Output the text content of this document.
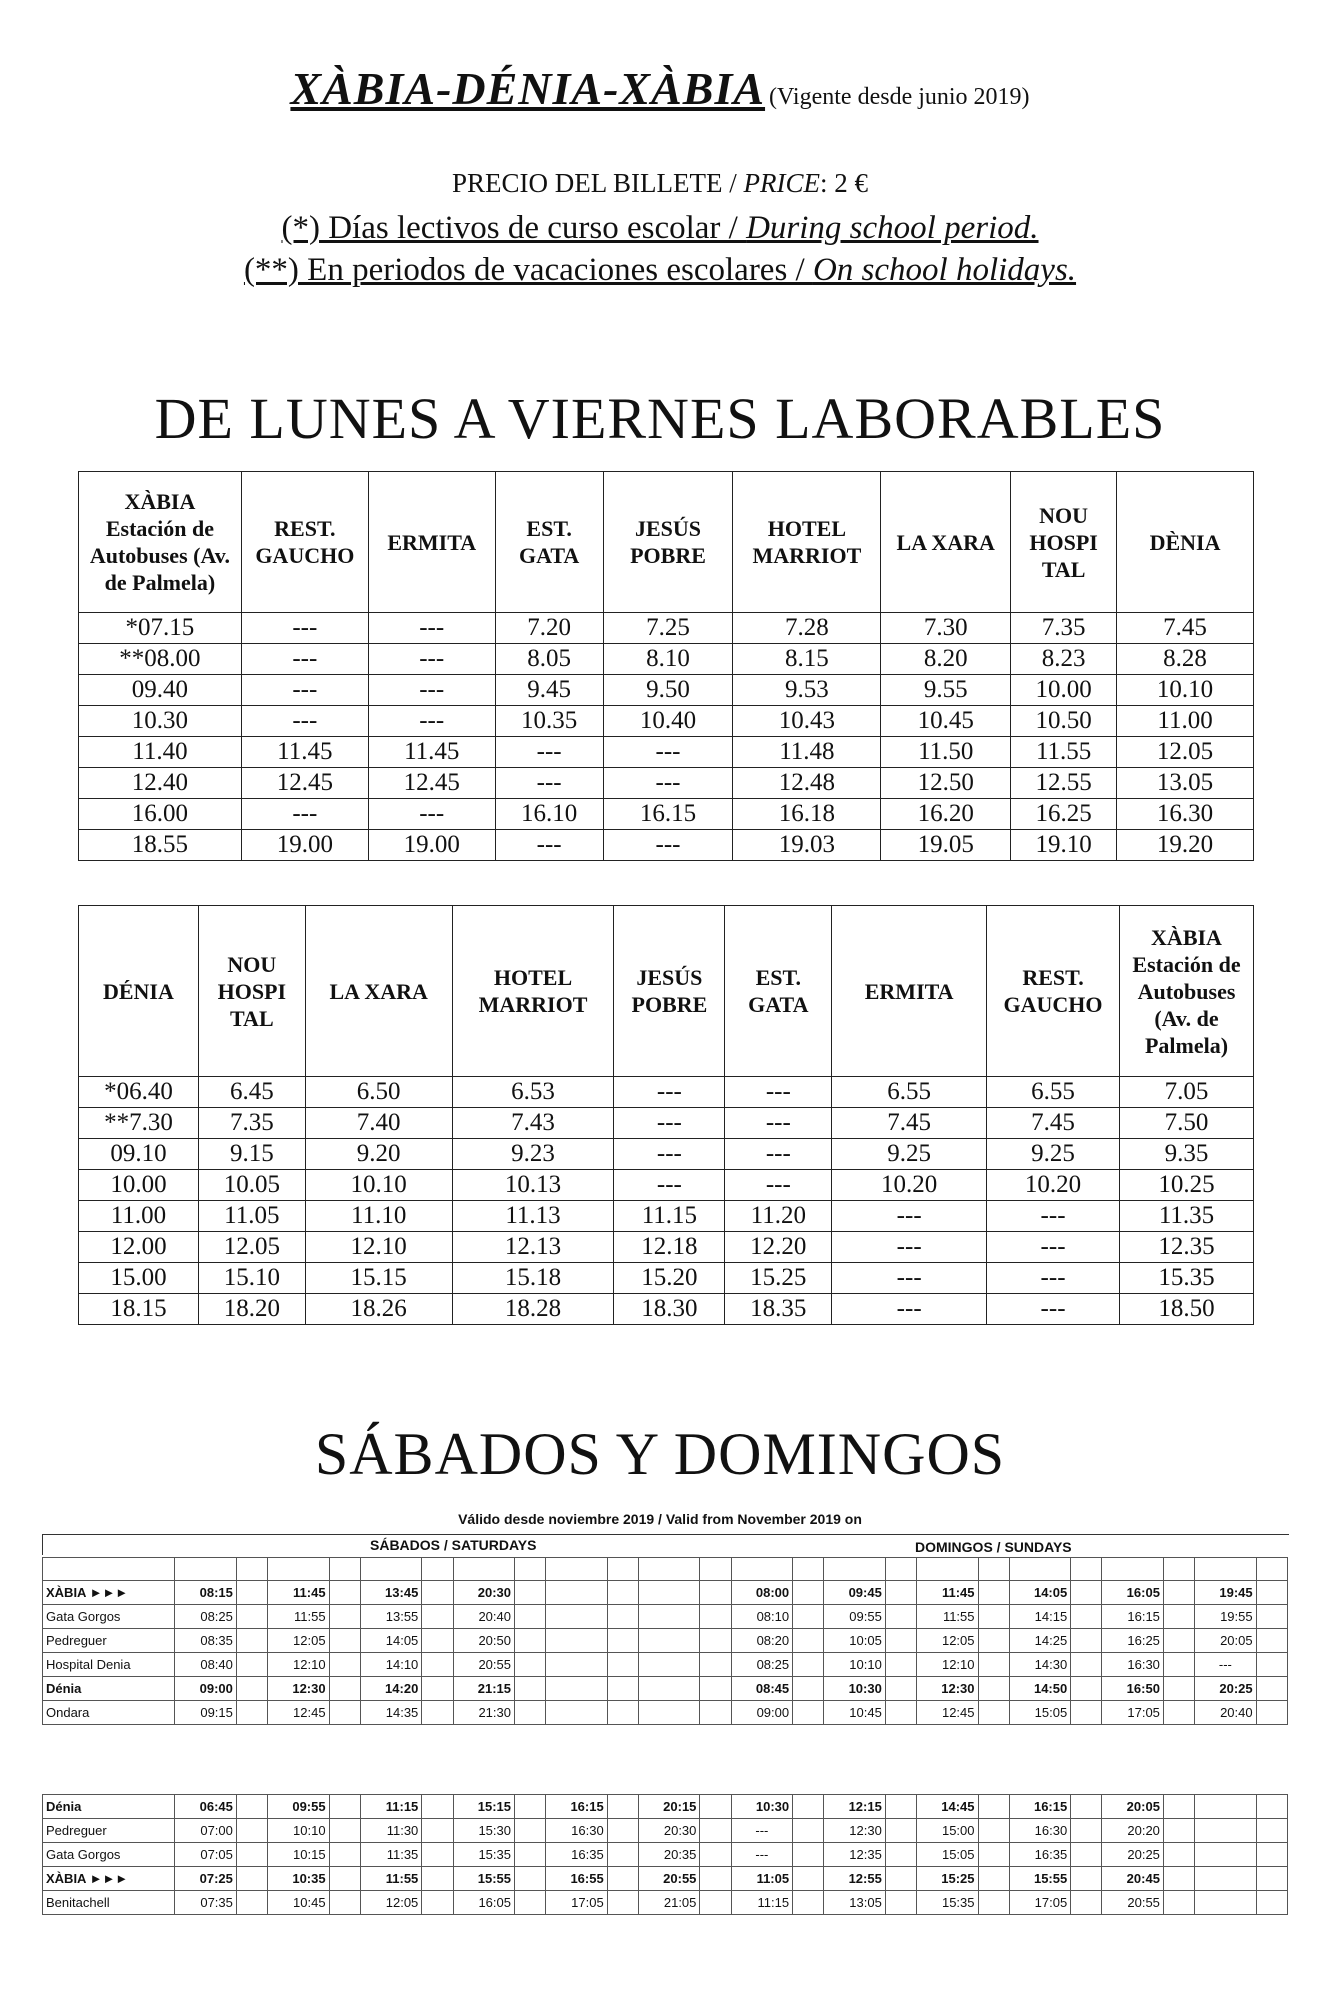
XÀBIA-DÉNIA-XÀBIA (Vigente desde junio 2019)
PRECIO DEL BILLETE / PRICE: 2 €
(*) Días lectivos de curso escolar / During school period.
(**) En periodos de vacaciones escolares / On school holidays.
DE LUNES A VIERNES LABORABLES
XÀBIA Estación de Autobuses (Av. de Palmela)	REST. GAUCHO	ERMITA	EST. GATA	JESÚS POBRE	HOTEL MARRIOT	LA XARA	NOU HOSPI TAL	DÈNIA
*07.15	---	---	7.20	7.25	7.28	7.30	7.35	7.45
**08.00	---	---	8.05	8.10	8.15	8.20	8.23	8.28
09.40	---	---	9.45	9.50	9.53	9.55	10.00	10.10
10.30	---	---	10.35	10.40	10.43	10.45	10.50	11.00
11.40	11.45	11.45	---	---	11.48	11.50	11.55	12.05
12.40	12.45	12.45	---	---	12.48	12.50	12.55	13.05
16.00	---	---	16.10	16.15	16.18	16.20	16.25	16.30
18.55	19.00	19.00	---	---	19.03	19.05	19.10	19.20
DÉNIA	NOU HOSPI TAL	LA XARA	HOTEL MARRIOT	JESÚS POBRE	EST. GATA	ERMITA	REST. GAUCHO	XÀBIA Estación de Autobuses (Av. de Palmela)
*06.40	6.45	6.50	6.53	---	---	6.55	6.55	7.05
**7.30	7.35	7.40	7.43	---	---	7.45	7.45	7.50
09.10	9.15	9.20	9.23	---	---	9.25	9.25	9.35
10.00	10.05	10.10	10.13	---	---	10.20	10.20	10.25
11.00	11.05	11.10	11.13	11.15	11.20	---	---	11.35
12.00	12.05	12.10	12.13	12.18	12.20	---	---	12.35
15.00	15.10	15.15	15.18	15.20	15.25	---	---	15.35
18.15	18.20	18.26	18.28	18.30	18.35	---	---	18.50
SÁBADOS Y DOMINGOS
Válido desde noviembre 2019 / Valid from November 2019 on
SÁBADOS / SATURDAYS	DOMINGOS / SUNDAYS

XÀBIA ►►►	08:15		11:45		13:45		20:30						08:00		09:45		11:45		14:05		16:05		19:45	
Gata Gorgos	08:25		11:55		13:55		20:40						08:10		09:55		11:55		14:15		16:15		19:55	
Pedreguer	08:35		12:05		14:05		20:50						08:20		10:05		12:05		14:25		16:25		20:05	
Hospital Denia	08:40		12:10		14:10		20:55						08:25		10:10		12:10		14:30		16:30		---	
Dénia	09:00		12:30		14:20		21:15						08:45		10:30		12:30		14:50		16:50		20:25	
Ondara	09:15		12:45		14:35		21:30						09:00		10:45		12:45		15:05		17:05		20:40	
Dénia	06:45		09:55		11:15		15:15		16:15		20:15		10:30		12:15		14:45		16:15		20:05			
Pedreguer	07:00		10:10		11:30		15:30		16:30		20:30		---		12:30		15:00		16:30		20:20			
Gata Gorgos	07:05		10:15		11:35		15:35		16:35		20:35		---		12:35		15:05		16:35		20:25			
XÀBIA ►►►	07:25		10:35		11:55		15:55		16:55		20:55		11:05		12:55		15:25		15:55		20:45			
Benitachell	07:35		10:45		12:05		16:05		17:05		21:05		11:15		13:05		15:35		17:05		20:55			
